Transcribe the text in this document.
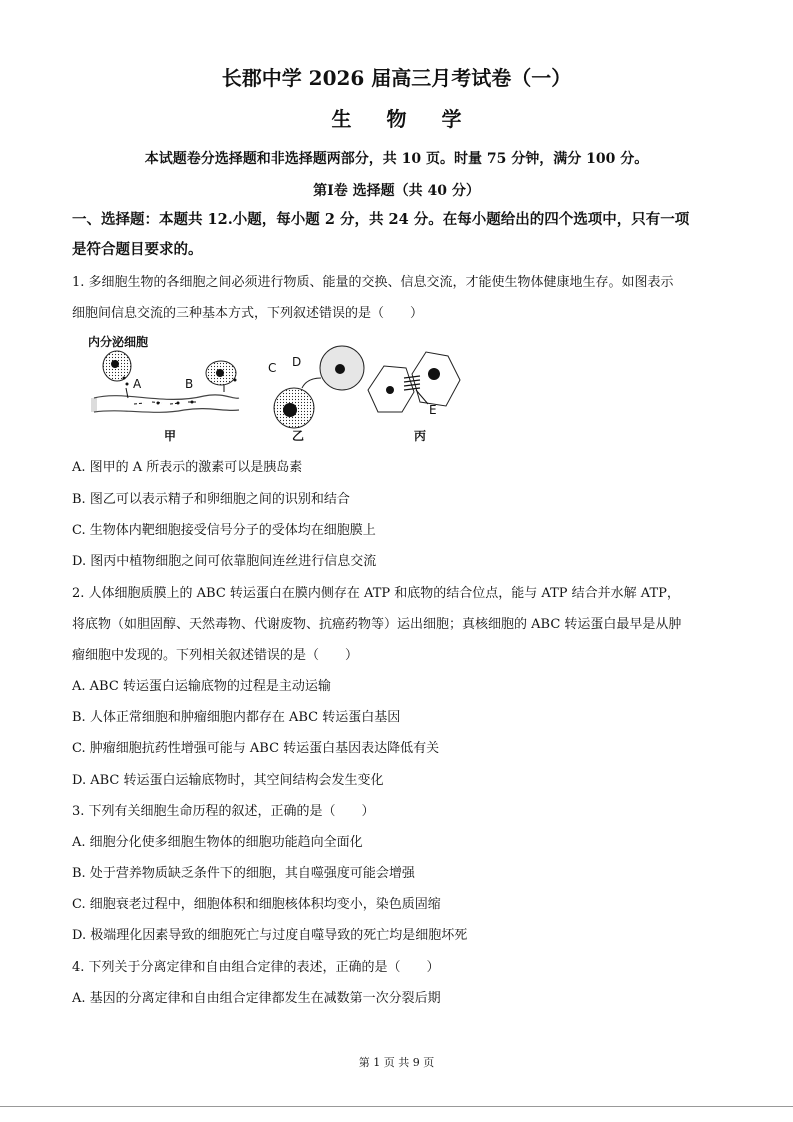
长郡中学 2026 届高三月考试卷（一）
生 物 学
本试题卷分选择题和非选择题两部分，共 10 页。时量 75 分钟，满分 100 分。
第Ⅰ卷 选择题（共 40 分）
一、选择题：本题共 12.小题，每小题 2 分，共 24 分。在每小题给出的四个选项中，只有一项
是符合题目要求的。
1. 多细胞生物的各细胞之间必须进行物质、能量的交换、信息交流，才能使生物体健康地生存。如图表示
细胞间信息交流的三种基本方式，下列叙述错误的是（　　）
内分泌细胞
A	B
甲
C D
乙
E
丙
A. 图甲的 A 所表示的激素可以是胰岛素
B. 图乙可以表示精子和卵细胞之间的识别和结合
C. 生物体内靶细胞接受信号分子的受体均在细胞膜上
D. 图丙中植物细胞之间可依靠胞间连丝进行信息交流
2. 人体细胞质膜上的 ABC 转运蛋白在膜内侧存在 ATP 和底物的结合位点，能与 ATP 结合并水解 ATP，
将底物（如胆固醇、天然毒物、代谢废物、抗癌药物等）运出细胞；真核细胞的 ABC 转运蛋白最早是从肿
瘤细胞中发现的。下列相关叙述错误的是（　　）
A. ABC 转运蛋白运输底物的过程是主动运输
B. 人体正常细胞和肿瘤细胞内都存在 ABC 转运蛋白基因
C. 肿瘤细胞抗药性增强可能与 ABC 转运蛋白基因表达降低有关
D. ABC 转运蛋白运输底物时，其空间结构会发生变化
3. 下列有关细胞生命历程的叙述，正确的是（　　）
A. 细胞分化使多细胞生物体的细胞功能趋向全面化
B. 处于营养物质缺乏条件下的细胞，其自噬强度可能会增强
C. 细胞衰老过程中，细胞体积和细胞核体积均变小，染色质固缩
D. 极端理化因素导致的细胞死亡与过度自噬导致的死亡均是细胞坏死
4. 下列关于分离定律和自由组合定律的表述，正确的是（　　）
A. 基因的分离定律和自由组合定律都发生在减数第一次分裂后期
第 1 页 共 9 页
